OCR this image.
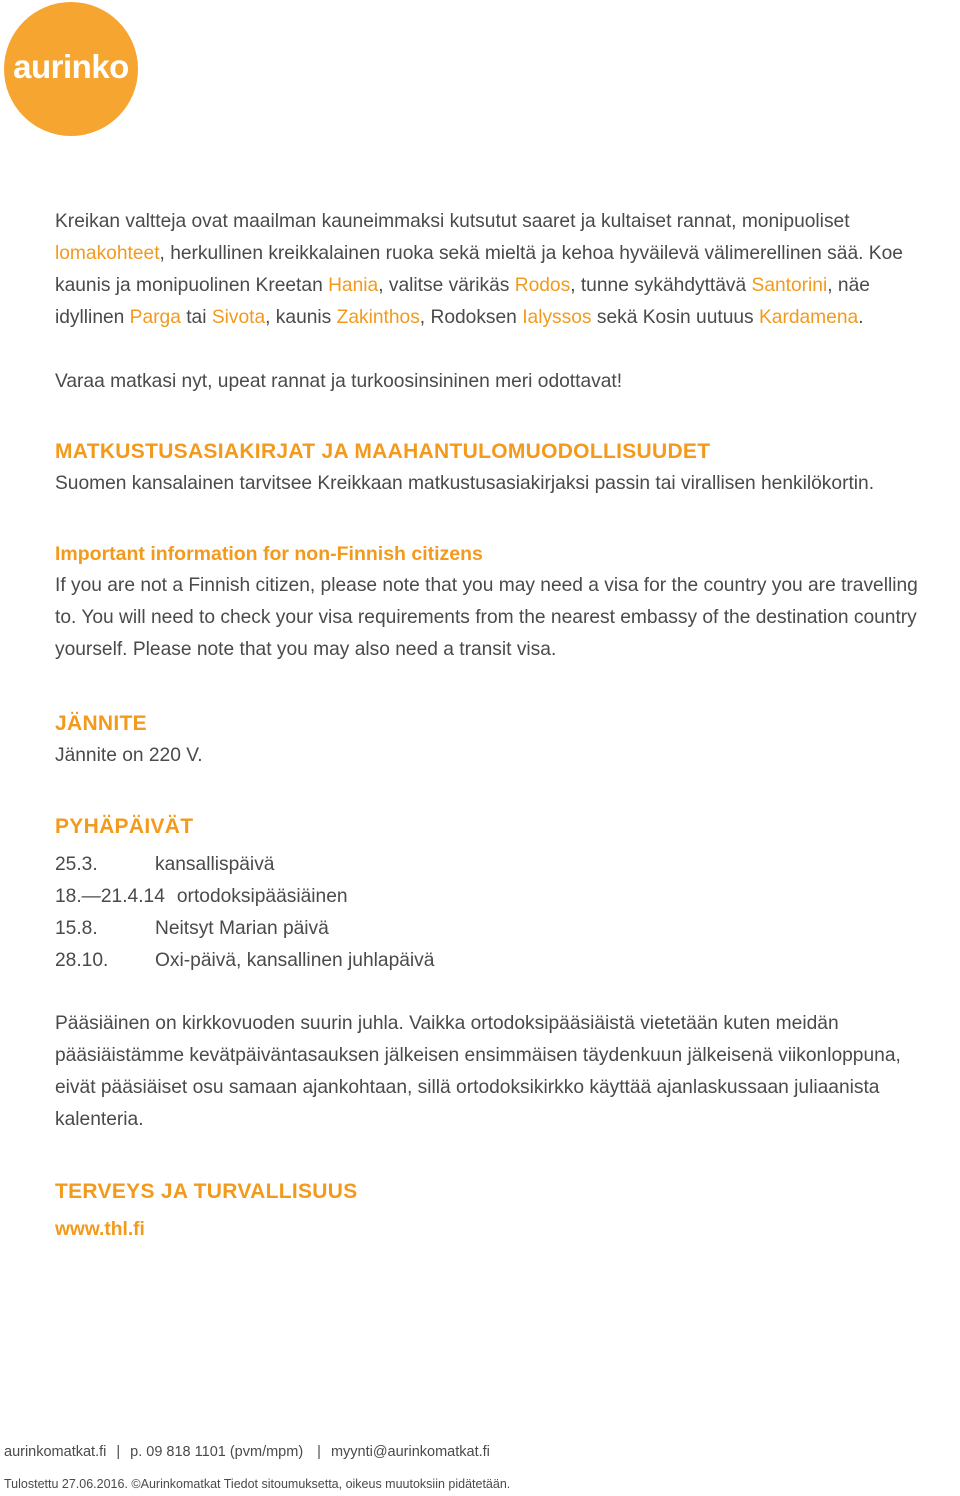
aurinko

Kreikan valtteja ovat maailman kauneimmaksi kutsutut saaret ja kultaiset rannat, monipuoliset lomakohteet, herkullinen kreikkalainen ruoka sekä mieltä ja kehoa hyväilevä välimerellinen sää. Koe kaunis ja monipuolinen Kreetan Hania, valitse värikäs Rodos, tunne sykähdyttävä Santorini, näe idyllinen Parga tai Sivota, kaunis Zakinthos, Rodoksen Ialyssos sekä Kosin uutuus Kardamena.

Varaa matkasi nyt, upeat rannat ja turkoosinsininen meri odottavat!

MATKUSTUSASIAKIRJAT JA MAAHANTULOMUODOLLISUUDET

Suomen kansalainen tarvitsee Kreikkaan matkustusasiakirjaksi passin tai virallisen henkilökortin.

Important information for non-Finnish citizens

If you are not a Finnish citizen, please note that you may need a visa for the country you are travelling to. You will need to check your visa requirements from the nearest embassy of the destination country yourself. Please note that you may also need a transit visa.

JÄNNITE

Jännite on 220 V.

PYHÄPÄIVÄT
25.3.	kansallispäivä
18.—21.4.14 ortodoksipääsiäinen
15.8.	Neitsyt Marian päivä
28.10.	Oxi-päivä, kansallinen juhlapäivä

Pääsiäinen on kirkkovuoden suurin juhla. Vaikka ortodoksipääsiäistä vietetään kuten meidän pääsiäistämme kevätpäiväntasauksen jälkeisen ensimmäisen täydenkuun jälkeisenä viikonloppuna, eivät pääsiäiset osu samaan ajankohtaan, sillä ortodoksikirkko käyttää ajanlaskussaan juliaanista kalenteria.

TERVEYS JA TURVALLISUUS

www.thl.fi

aurinkomatkat.fi | p. 09 818 1101 (pvm/mpm) | myynti@aurinkomatkat.fi
Tulostettu 27.06.2016. ©Aurinkomatkat Tiedot sitoumuksetta, oikeus muutoksiin pidätetään.
